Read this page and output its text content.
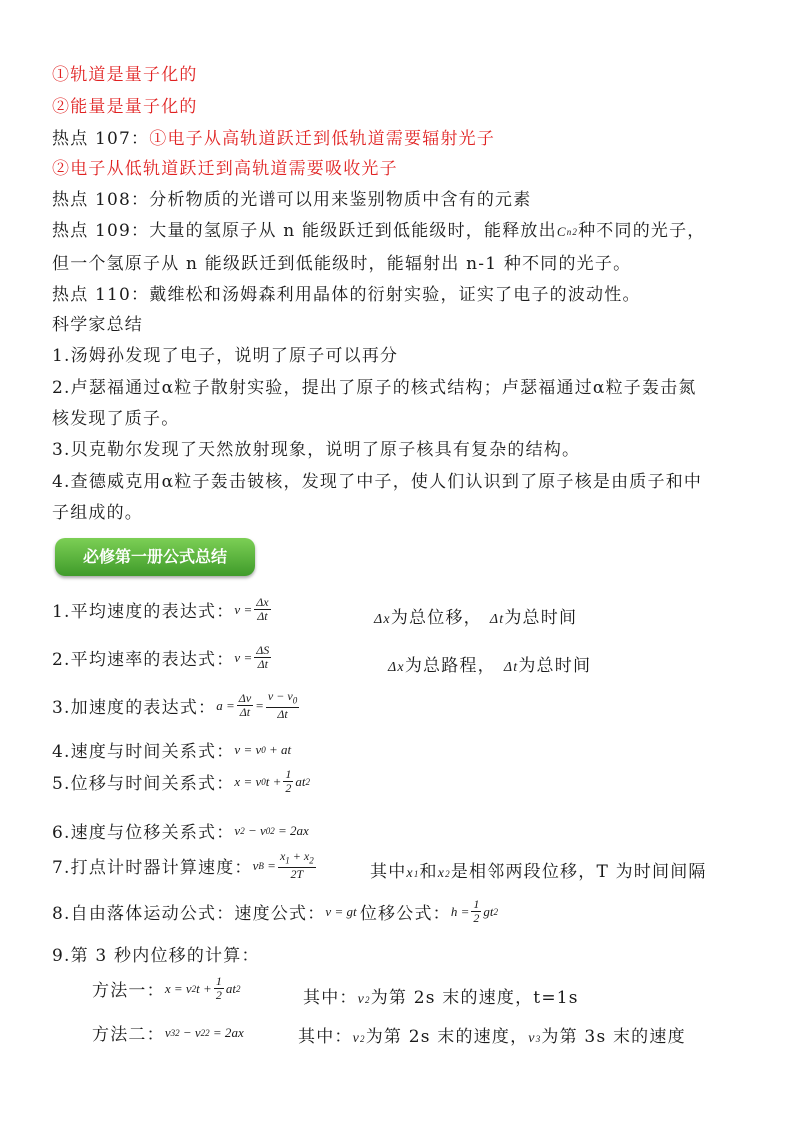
①轨道是量子化的
②能量是量子化的
热点 107：①电子从高轨道跃迁到低轨道需要辐射光子
②电子从低轨道跃迁到高轨道需要吸收光子
热点 108：分析物质的光谱可以用来鉴别物质中含有的元素
热点 109：大量的氢原子从 n 能级跃迁到低能级时，能释放出 C n 2 种不同的光子，
但一个氢原子从 n 能级跃迁到低能级时，能辐射出 n-1 种不同的光子。
热点 110：戴维松和汤姆森利用晶体的衍射实验，证实了电子的波动性。
科学家总结
1.汤姆孙发现了电子，说明了原子可以再分
2.卢瑟福通过α粒子散射实验，提出了原子的核式结构；卢瑟福通过α粒子轰击氮
核发现了质子。
3.贝克勒尔发现了天然放射现象，说明了原子核具有复杂的结构。
4.查德威克用α粒子轰击铍核，发现了中子，使人们认识到了原子核是由质子和中
子组成的。
必修第一册公式总结
1.平均速度的表达式： $v = \frac{\Delta x}{\Delta t}$	Δ x 为总位移， Δ t 为总时间
2.平均速率的表达式： $v = \frac{\Delta S}{\Delta t}$	Δ x 为总路程， Δ t 为总时间
3.加速度的表达式： $a = \frac{\Delta v}{\Delta t} = \frac{v - v_0}{\Delta t}$
4.速度与时间关系式： v = v 0 + at
5.位移与时间关系式： x = v 0 $t + \frac{1}{2}$ at 2
6.速度与位移关系式： v 2 − v 0 2 = 2 ax
7.打点计时器计算速度： v $B = \frac{x_1 + x_2}{2T}$	其中 x 1 和 x 2 是相邻两段位移，T 为时间间隔
8.自由落体运动公式：速度公式： v = gt
位移公式： $h = \frac{1}{2}$ gt 2
9.第 3 秒内位移的计算：
方法一： x = v 2 $t + \frac{1}{2}$ at 2	其中： v 2 为第 2s 末的速度，t=1s
方法二： v 3 2 − v 2 2 = 2 ax	其中： v 2 为第 2s 末的速度， v 3 为第 3s 末的速度
